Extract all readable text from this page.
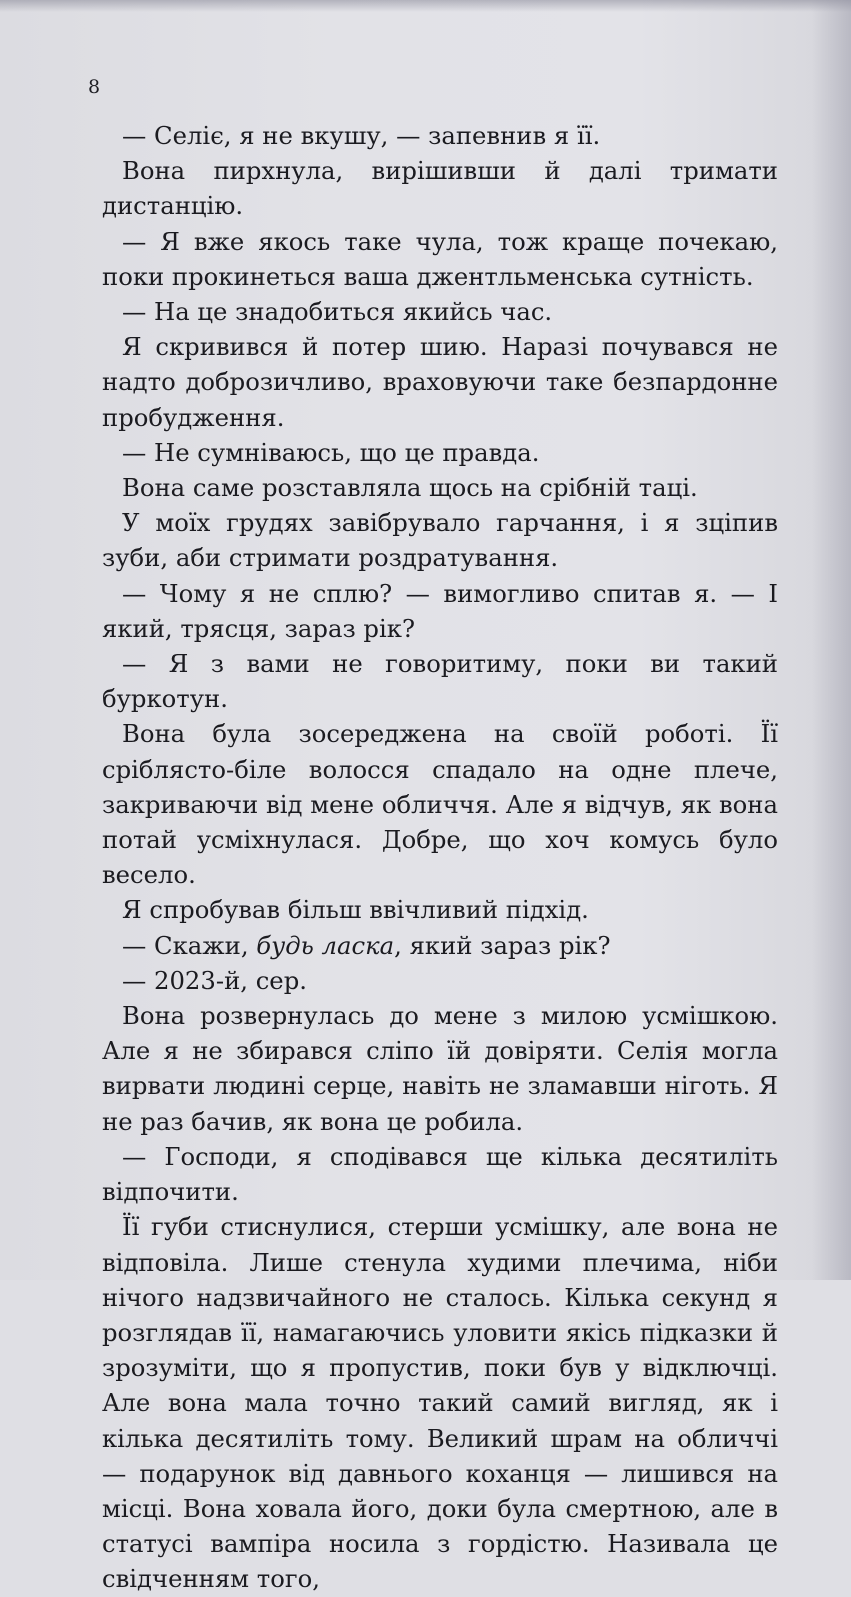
8

— Селіє, я не вкушу, — запевнив я її.

Вона пирхнула, вирішивши й далі тримати дистанцію.

— Я вже якось таке чула, тож краще почекаю, поки прокинеться ваша джентльменська сутність.

— На це знадобиться якийсь час.

Я скривився й потер шию. Наразі почувався не надто доброзичливо, враховуючи таке безпардонне пробудження.

— Не сумніваюсь, що це правда.

Вона саме розставляла щось на срібній таці.

У моїх грудях завібрувало гарчання, і я зціпив зуби, аби стримати роздратування.

— Чому я не сплю? — вимогливо спитав я. — І який, трясця, зараз рік?

— Я з вами не говоритиму, поки ви такий буркотун.

Вона була зосереджена на своїй роботі. Її сріблясто-біле волосся спадало на одне плече, закриваючи від мене обличчя. Але я відчув, як вона потай усміхнулася. Добре, що хоч комусь було весело.

Я спробував більш ввічливий підхід.

— Скажи, будь ласка, який зараз рік?

— 2023-й, сер.

Вона розвернулась до мене з милою усмішкою. Але я не збирався сліпо їй довіряти. Селія могла вирвати людині серце, навіть не зламавши ніготь. Я не раз бачив, як вона це робила.

— Господи, я сподівався ще кілька десятиліть відпочити.

Її губи стиснулися, стерши усмішку, але вона не відповіла. Лише стенула худими плечима, ніби нічого надзвичайного не сталось. Кілька секунд я розглядав її, намагаючись уловити якісь підказки й зрозуміти, що я пропустив, поки був у відключці. Але вона мала точно такий самий вигляд, як і кілька десятиліть тому. Великий шрам на обличчі — подарунок від давнього коханця — лишився на місці. Вона ховала його, доки була смертною, але в статусі вампіра носила з гордістю. Називала це свідченням того,
